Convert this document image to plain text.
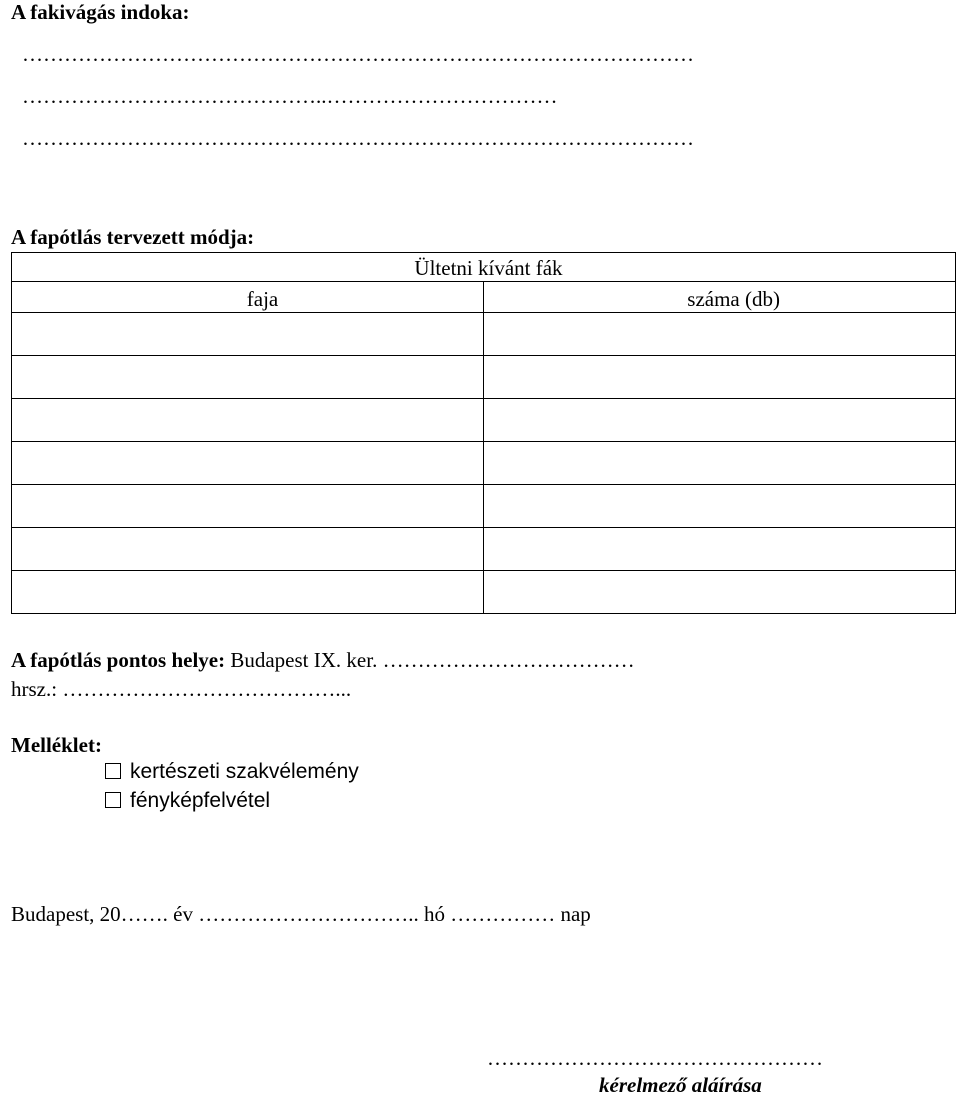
A fakivágás indoka:
……………………………………………………………………………………
……………………………………..……………………………
……………………………………………………………………………………
A fapótlás tervezett módja:
Ültetni kívánt fák	
faja	száma (db)

A fapótlás pontos helye: Budapest IX. ker. ………………………………
hrsz.: …………………………………...
Melléklet:
kertészeti szakvélemény
fényképfelvétel
Budapest, 20……. év ………………………….. hó …………… nap
…………………………………………
kérelmező aláírása
